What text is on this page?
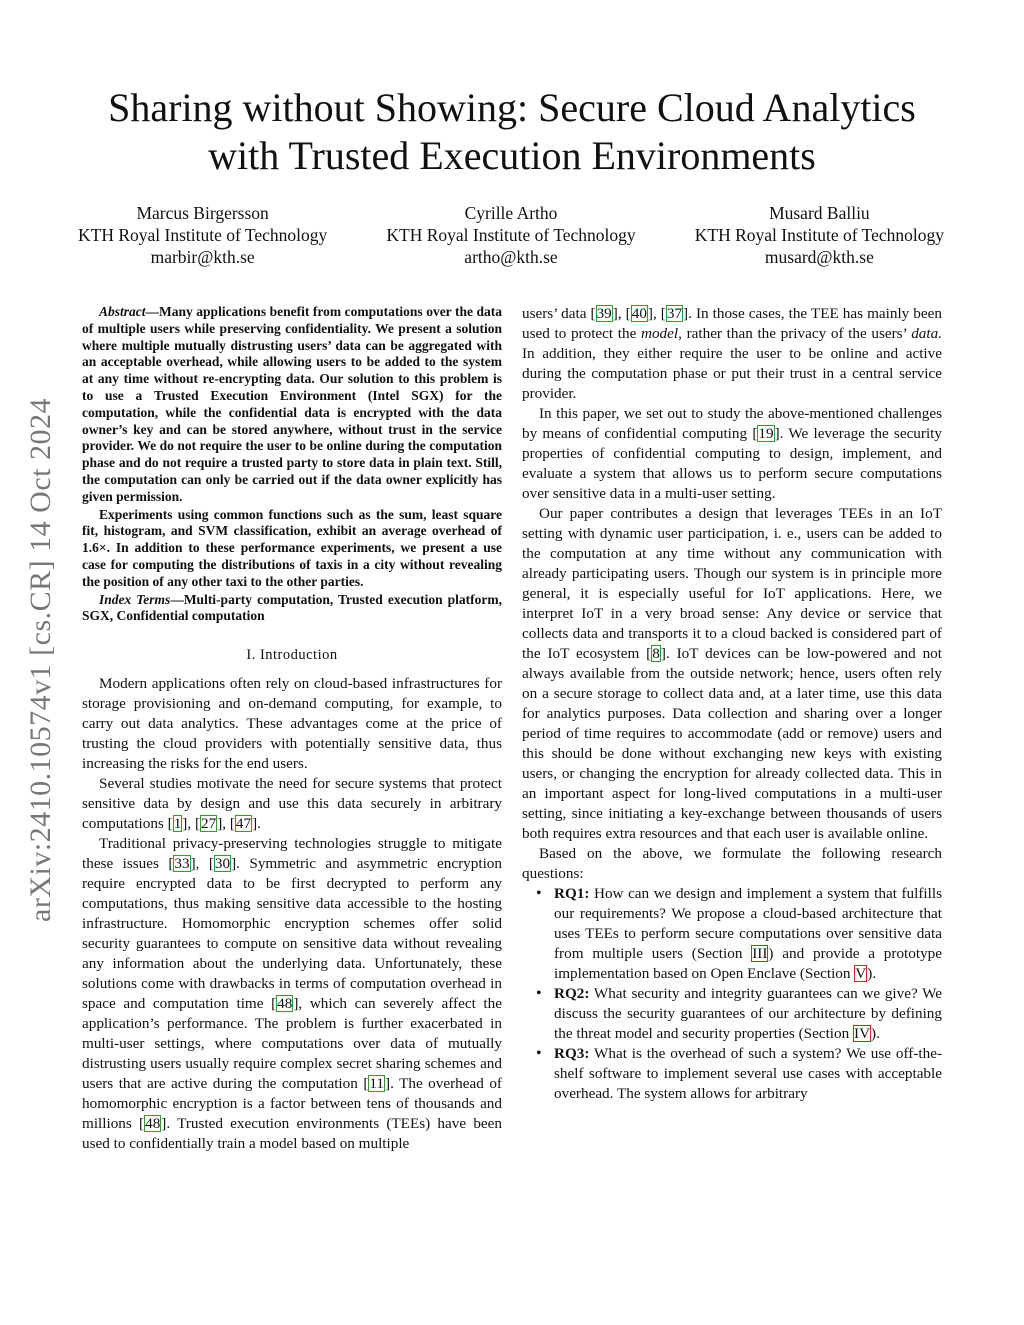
arXiv:2410.10574v1 [cs.CR] 14 Oct 2024
Sharing without Showing: Secure Cloud Analytics
with Trusted Execution Environments
Marcus Birgersson
KTH Royal Institute of Technology
marbir@kth.se
Cyrille Artho
KTH Royal Institute of Technology
artho@kth.se
Musard Balliu
KTH Royal Institute of Technology
musard@kth.se

Abstract—Many applications benefit from computations over the data of multiple users while preserving confidentiality. We present a solution where multiple mutually distrusting users’ data can be aggregated with an acceptable overhead, while allowing users to be added to the system at any time without re-encrypting data. Our solution to this problem is to use a Trusted Execution Environment (Intel SGX) for the computation, while the confidential data is encrypted with the data owner’s key and can be stored anywhere, without trust in the service provider. We do not require the user to be online during the computation phase and do not require a trusted party to store data in plain text. Still, the computation can only be carried out if the data owner explicitly has given permission.

Experiments using common functions such as the sum, least square fit, histogram, and SVM classification, exhibit an average overhead of 1.6×. In addition to these performance experiments, we present a use case for computing the distributions of taxis in a city without revealing the position of any other taxi to the other parties.

Index Terms—Multi-party computation, Trusted execution platform, SGX, Confidential computation

I. Introduction

Modern applications often rely on cloud-based infrastructures for storage provisioning and on-demand computing, for example, to carry out data analytics. These advantages come at the price of trusting the cloud providers with potentially sensitive data, thus increasing the risks for the end users.

Several studies motivate the need for secure systems that protect sensitive data by design and use this data securely in arbitrary computations [1], [27], [47].

Traditional privacy-preserving technologies struggle to mitigate these issues [33], [30]. Symmetric and asymmetric encryption require encrypted data to be first decrypted to perform any computations, thus making sensitive data accessible to the hosting infrastructure. Homomorphic encryption schemes offer solid security guarantees to compute on sensitive data without revealing any information about the underlying data. Unfortunately, these solutions come with drawbacks in terms of computation overhead in space and computation time [48], which can severely affect the application’s performance. The problem is further exacerbated in multi-user settings, where computations over data of mutually distrusting users usually require complex secret sharing schemes and users that are active during the computation [11]. The overhead of homomorphic encryption is a factor between tens of thousands and millions [48]. Trusted execution environments (TEEs) have been used to confidentially train a model based on multiple

users’ data [39], [40], [37]. In those cases, the TEE has mainly been used to protect the model, rather than the privacy of the users’ data. In addition, they either require the user to be online and active during the computation phase or put their trust in a central service provider.

In this paper, we set out to study the above-mentioned challenges by means of confidential computing [19]. We leverage the security properties of confidential computing to design, implement, and evaluate a system that allows us to perform secure computations over sensitive data in a multi-user setting.

Our paper contributes a design that leverages TEEs in an IoT setting with dynamic user participation, i. e., users can be added to the computation at any time without any communication with already participating users. Though our system is in principle more general, it is especially useful for IoT applications. Here, we interpret IoT in a very broad sense: Any device or service that collects data and transports it to a cloud backed is considered part of the IoT ecosystem [8]. IoT devices can be low-powered and not always available from the outside network; hence, users often rely on a secure storage to collect data and, at a later time, use this data for analytics purposes. Data collection and sharing over a longer period of time requires to accommodate (add or remove) users and this should be done without exchanging new keys with existing users, or changing the encryption for already collected data. This in an important aspect for long-lived computations in a multi-user setting, since initiating a key-exchange between thousands of users both requires extra resources and that each user is available online.

Based on the above, we formulate the following research questions:

• RQ1: How can we design and implement a system that fulfills our requirements? We propose a cloud-based architecture that uses TEEs to perform secure computations over sensitive data from multiple users (Section III) and provide a prototype implementation based on Open Enclave (Section V).
• RQ2: What security and integrity guarantees can we give? We discuss the security guarantees of our architecture by defining the threat model and security properties (Section IV).
• RQ3: What is the overhead of such a system? We use off-the-shelf software to implement several use cases with acceptable overhead. The system allows for arbitrary
